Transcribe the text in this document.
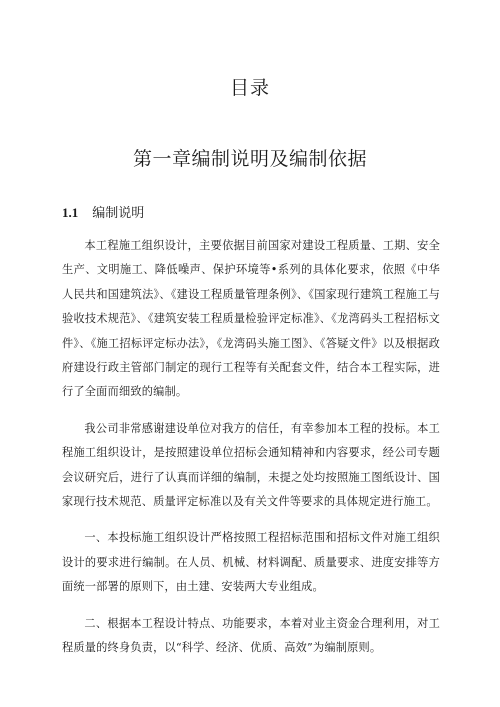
目录
第一章编制说明及编制依据
1.1 编制说明

本工程施工组织设计，主要依据目前国家对建设工程质量、工期、安全生产、文明施工、降低噪声、保护环境等•系列的具体化要求，依照《中华人民共和国建筑法》、《建设工程质量管理条例》、《国家现行建筑工程施工与验收技术规范》、《建筑安装工程质量检验评定标准》、《龙湾码头工程招标文件》、《施工招标评定标办法》，《龙湾码头施工图》、《答疑文件》以及根据政府建设行政主管部门制定的现行工程等有关配套文件，结合本工程实际，进行了全面而细致的编制。

我公司非常感谢建设单位对我方的信任，有幸参加本工程的投标。本工程施工组织设计，是按照建设单位招标会通知精神和内容要求，经公司专题会议研究后，进行了认真而详细的编制，未提之处均按照施工图纸设计、国家现行技术规范、质量评定标准以及有关文件等要求的具体规定进行施工。

一、本投标施工组织设计严格按照工程招标范围和招标文件对施工组织设计的要求进行编制。在人员、机械、材料调配、质量要求、进度安排等方面统一部署的原则下，由土建、安装两大专业组成。

二、根据本工程设计特点、功能要求，本着对业主资金合理利用，对工程质量的终身负责，以“科学、经济、优质、高效”为编制原则。
